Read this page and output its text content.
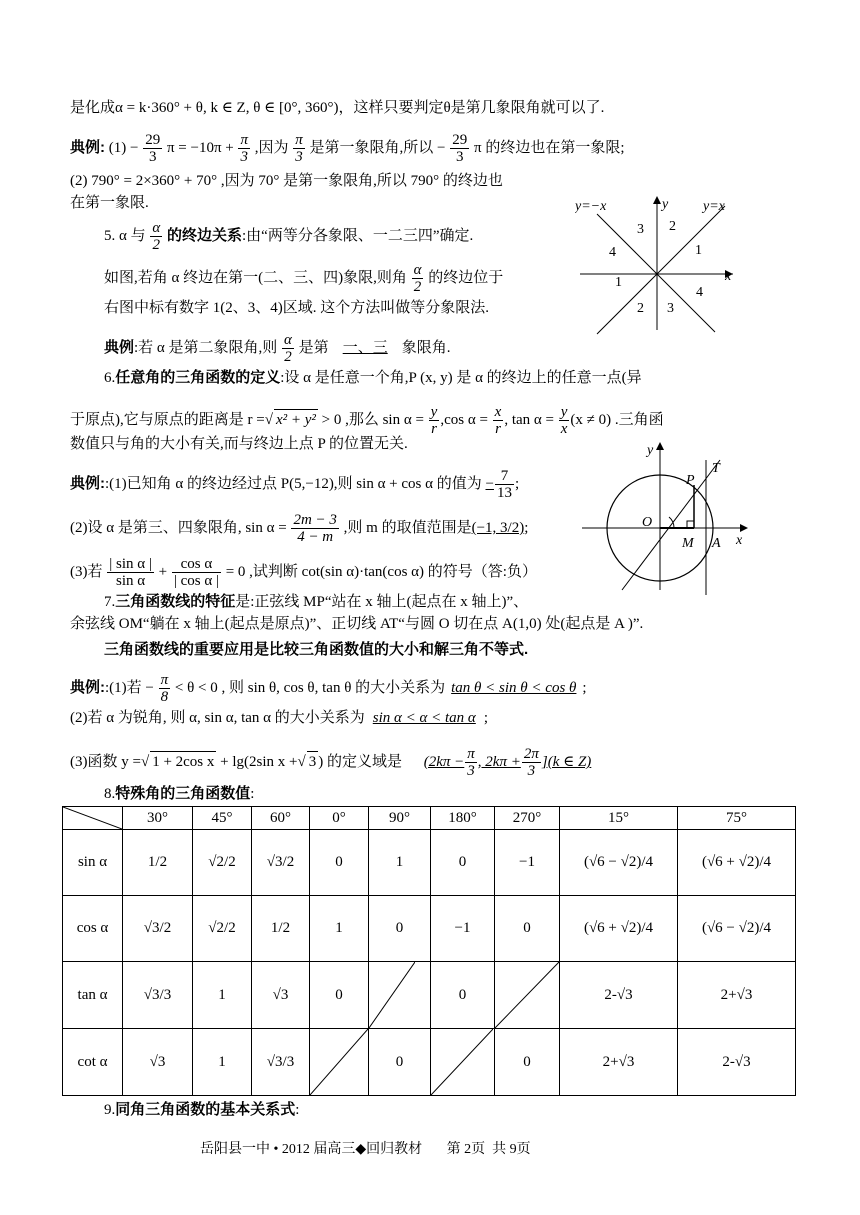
是化成α = k·360° + θ, k ∈ Z, θ ∈ [0°, 360°)，这样只要判定θ是第几象限角就可以了.
典例: $(1) - \frac{29}{3}$ $\pi = -10\pi + \frac{\pi}{3}$ ,因为 $\frac{\pi}{3}$ 是第一象限角,所以 − $\frac{29}{3}$ π 的终边也在第一象限;
(2) 790° = 2×360° + 70° ,因为 70° 是第一象限角,所以 790° 的终边也
在第一象限.
5. α 与 $\frac{\alpha}{2}$ 的终边关系:由“两等分各象限、一二三四”确定.
如图,若角 α 终边在第一(二、三、四)象限,则角 $\frac{\alpha}{2}$ 的终边位于
右图中标有数字 1(2、3、4)区域. 这个方法叫做等分象限法.
典例:若 α 是第二象限角,则 $\frac{\alpha}{2}$ 是第 一、三 象限角.
y=−x	y y=x
x
3 2
4	1
1
4
2 3
6.任意角的三角函数的定义:设 α 是任意一个角,P (x, y) 是 α 的终边上的任意一点(异
于原点),它与原点的距离是 r =√ x² + y² > 0 ,那么 $\sin \alpha = \frac{y}{r} ,\cos$ $\alpha = \frac{x}{r}$ , $\tan \alpha = \frac{y}{x} (x \ne 0)$ .三角函
数值只与角的大小有关,而与终边上点 P 的位置无关.
典例::(1)已知角 α 的终边经过点 P(5,−12),则 sin α + cos α 的值为 − $\frac{7}{13}$ ;
(2)设 α 是第三、四象限角, $\sin \alpha = \frac{2m - 3}{4 - m}$ ,则 m 的取值范围是(−1, 3/2);
(3)若 $\frac{\text{| sin α |}}{\text{sin α}} + \frac{\text{cos α}}{\text{| cos α |}} = 0$ ,试判断 cot(sin α)·tan(cos α) 的符号（答:负）
y
P
T
O
M A x
7.三角函数线的特征是:正弦线 MP“站在 x 轴上(起点在 x 轴上)”、
余弦线 OM“躺在 x 轴上(起点是原点)”、正切线 AT“与圆 O 切在点 A(1,0) 处(起点是 A )”.
三角函数线的重要应用是比较三角函数值的大小和解三角不等式.
典例::(1)若 − $\frac{\pi}{8} < \theta < 0$ , 则 sin θ, cos θ, tan θ 的大小关系为 tan θ < sin θ < cos θ ;
(2)若 α 为锐角, 则 α, sin α, tan α 的大小关系为 sin α < α < tan α ;
(3)函数 y =√ 1 + 2cos x + lg(2sin x +√ 3 ) 的定义域是 ($2k\pi - \frac{\pi}{3}$ , $2k\pi + \frac{2\pi}{3} ](k$ ∈ Z)
8.特殊角的三角函数值:
	30°	45°	60°	0°	90°	180°	270°	15°	75°
sin α	1/2	√2/2	√3/2	0	1	0	−1	(√6 − √2)/4	(√6 + √2)/4
cos α	√3/2	√2/2	1/2	1	0	−1	0	(√6 + √2)/4	(√6 − √2)/4
tan α	√3/3	1	√3	0		0		2-√3	2+√3
cot α	√3	1	√3/3		0		0	2+√3	2-√3
9.同角三角函数的基本关系式:
岳阳县一中 • 2012 届高三◆回归教材       第 2页  共 9页
